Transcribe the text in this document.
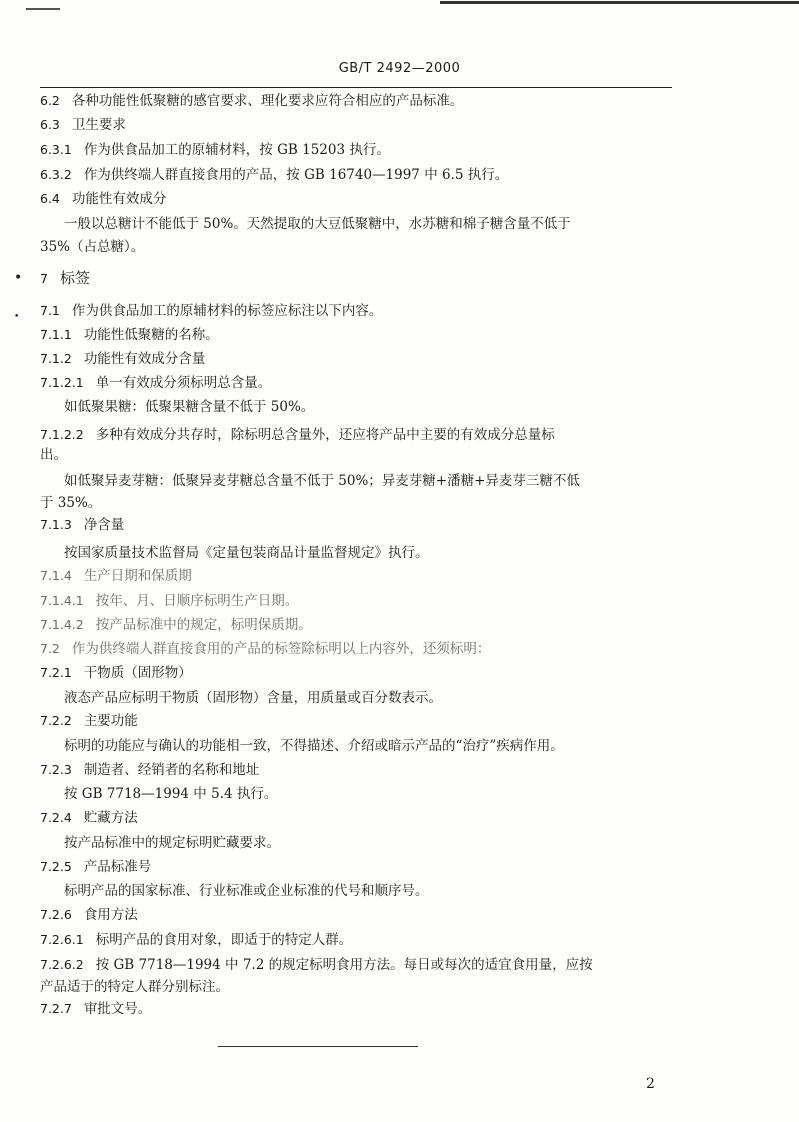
GB/T 2492—2000
•
•
6.2 各种功能性低聚糖的感官要求、理化要求应符合相应的产品标准。
6.3 卫生要求
6.3.1 作为供食品加工的原辅材料，按 GB 15203 执行。
6.3.2 作为供终端人群直接食用的产品，按 GB 16740—1997 中 6.5 执行。
6.4 功能性有效成分
一般以总糖计不能低于 50%。天然提取的大豆低聚糖中，水苏糖和棉子糖含量不低于
35%（占总糖）。
7 标签
7.1 作为供食品加工的原辅材料的标签应标注以下内容。
7.1.1 功能性低聚糖的名称。
7.1.2 功能性有效成分含量
7.1.2.1 单一有效成分须标明总含量。
如低聚果糖：低聚果糖含量不低于 50%。
7.1.2.2 多种有效成分共存时，除标明总含量外，还应将产品中主要的有效成分总量标
出。
如低聚异麦芽糖：低聚异麦芽糖总含量不低于 50%；异麦芽糖+潘糖+异麦芽三糖不低
于 35%。
7.1.3 净含量
按国家质量技术监督局《定量包装商品计量监督规定》执行。
7.1.4 生产日期和保质期
7.1.4.1 按年、月、日顺序标明生产日期。
7.1.4.2 按产品标准中的规定，标明保质期。
7.2 作为供终端人群直接食用的产品的标签除标明以上内容外，还须标明：
7.2.1 干物质（固形物）
液态产品应标明干物质（固形物）含量，用质量或百分数表示。
7.2.2 主要功能
标明的功能应与确认的功能相一致，不得描述、介绍或暗示产品的“治疗”疾病作用。
7.2.3 制造者、经销者的名称和地址
按 GB 7718—1994 中 5.4 执行。
7.2.4 贮藏方法
按产品标准中的规定标明贮藏要求。
7.2.5 产品标准号
标明产品的国家标准、行业标准或企业标准的代号和顺序号。
7.2.6 食用方法
7.2.6.1 标明产品的食用对象，即适于的特定人群。
7.2.6.2 按 GB 7718—1994 中 7.2 的规定标明食用方法。每日或每次的适宜食用量，应按
产品适于的特定人群分别标注。
7.2.7 审批文号。
2
